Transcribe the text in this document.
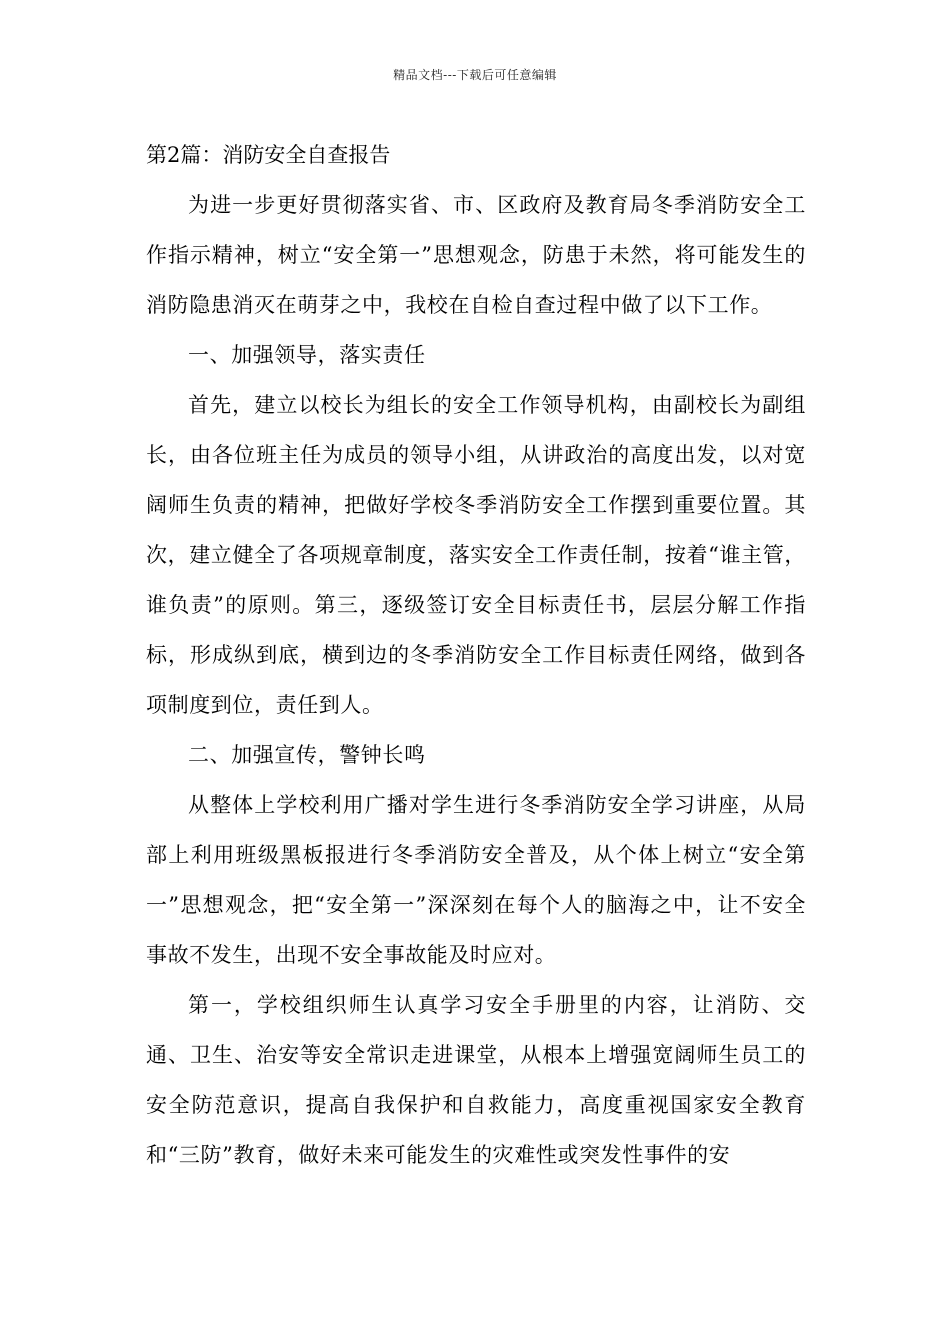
精品文档---下载后可任意编辑
第2篇：消防安全自查报告

为进一步更好贯彻落实省、市、区政府及教育局冬季消防安全工作指示精神，树立“安全第一”思想观念，防患于未然，将可能发生的消防隐患消灭在萌芽之中，我校在自检自查过程中做了以下工作。

一、加强领导，落实责任

首先，建立以校长为组长的安全工作领导机构，由副校长为副组长，由各位班主任为成员的领导小组，从讲政治的高度出发，以对宽阔师生负责的精神，把做好学校冬季消防安全工作摆到重要位置。其次，建立健全了各项规章制度，落实安全工作责任制，按着“谁主管，谁负责”的原则。第三，逐级签订安全目标责任书，层层分解工作指标，形成纵到底，横到边的冬季消防安全工作目标责任网络，做到各项制度到位，责任到人。

二、加强宣传，警钟长鸣

从整体上学校利用广播对学生进行冬季消防安全学习讲座，从局部上利用班级黑板报进行冬季消防安全普及，从个体上树立“安全第一”思想观念，把“安全第一”深深刻在每个人的脑海之中，让不安全事故不发生，出现不安全事故能及时应对。

第一，学校组织师生认真学习安全手册里的内容，让消防、交通、卫生、治安等安全常识走进课堂，从根本上增强宽阔师生员工的安全防范意识，提高自我保护和自救能力，高度重视国家安全教育和“三防”教育，做好未来可能发生的灾难性或突发性事件的安
